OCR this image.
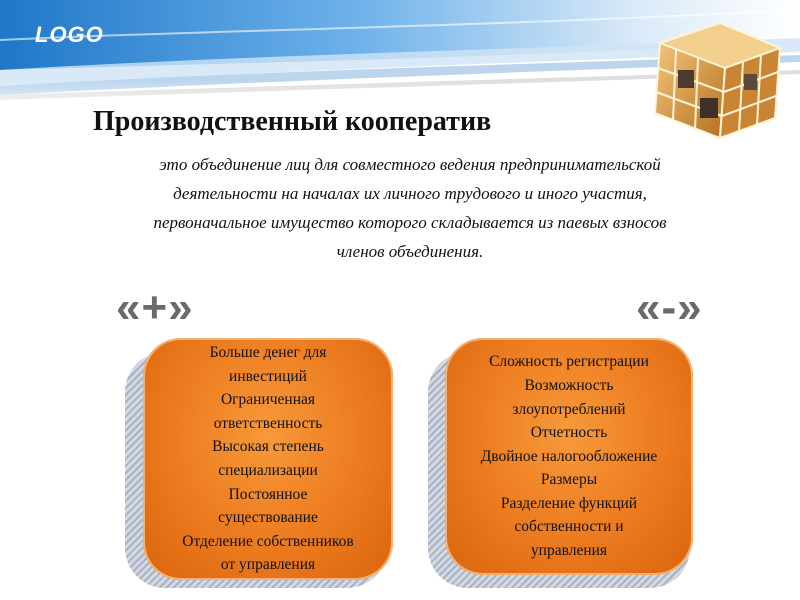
LOGO
Производственный кооператив
это объединение лиц для совместного ведения предпринимательской деятельности на началах их личного трудового и иного участия, первоначальное имущество которого складывается из паевых взносов членов объединения.
«+»	«-»
Больше денег для
инвестиций
Ограниченная
ответственность
Высокая степень
специализации
Постоянное
существование
Отделение собственников
от управления
Сложность регистрации
Возможность
злоупотреблений
Отчетность
Двойное налогообложение
Размеры
Разделение функций
собственности и
управления
